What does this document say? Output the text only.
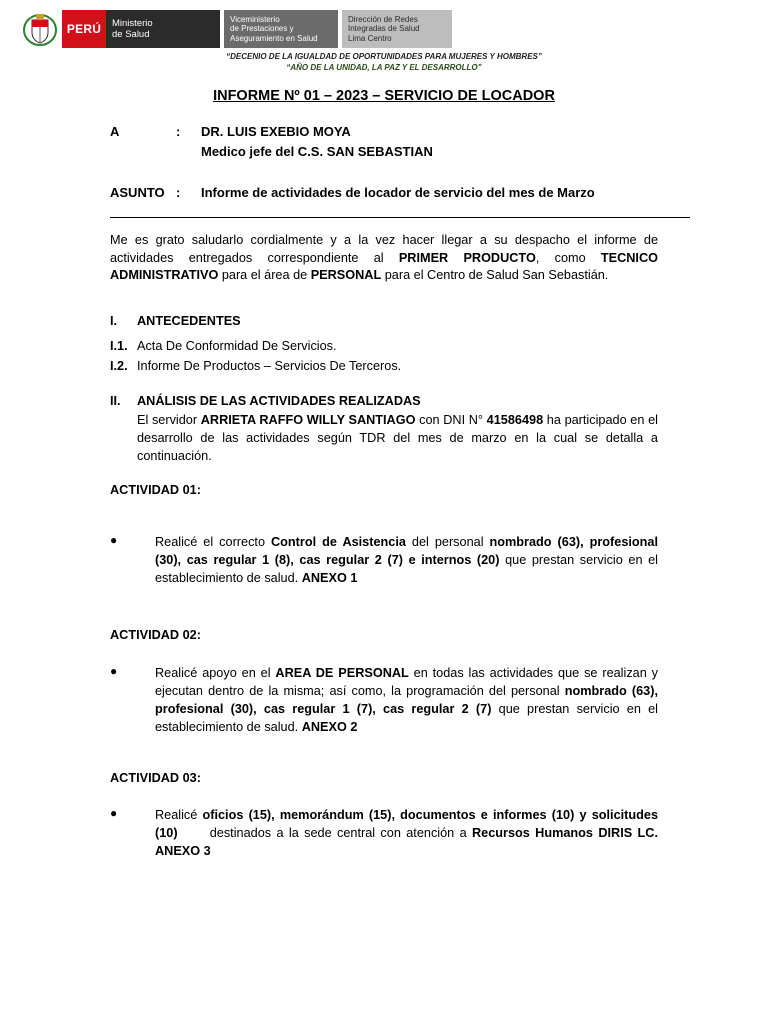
PERÚ Ministerio
de Salud
Viceministerio
de Prestaciones y
Aseguramiento en Salud
Dirección de Redes
Integradas de Salud
Lima Centro
“DECENIO DE LA IGUALDAD DE OPORTUNIDADES PARA MUJERES Y HOMBRES”
“AÑO DE LA UNIDAD, LA PAZ Y EL DESARROLLO”
INFORME Nº 01 – 2023 – SERVICIO DE LOCADOR
A	: DR. LUIS EXEBIO MOYA
Medico jefe del C.S. SAN SEBASTIAN
ASUNTO : Informe de actividades de locador de servicio del mes de Marzo
Me es grato saludarlo cordialmente y a la vez hacer llegar a su despacho el informe de actividades entregados correspondiente al PRIMER PRODUCTO, como TECNICO ADMINISTRATIVO para el área de PERSONAL para el Centro de Salud San Sebastián.
I. ANTECEDENTES
I.1. Acta De Conformidad De Servicios.
I.2. Informe De Productos – Servicios De Terceros.
II. ANÁLISIS DE LAS ACTIVIDADES REALIZADAS
El servidor ARRIETA RAFFO WILLY SANTIAGO con DNI N° 41586498 ha participado en el desarrollo de las actividades según TDR del mes de marzo en la cual se detalla a continuación.
ACTIVIDAD 01:
●	Realicé el correcto Control de Asistencia del personal nombrado (63), profesional (30), cas regular 1 (8), cas regular 2 (7) e internos (20) que prestan servicio en el establecimiento de salud. ANEXO 1
ACTIVIDAD 02:
●	Realicé apoyo en el AREA DE PERSONAL en todas las actividades que se realizan y ejecutan dentro de la misma; así como, la programación del personal nombrado (63), profesional (30), cas regular 1 (7), cas regular 2 (7) que prestan servicio en el establecimiento de salud. ANEXO 2
ACTIVIDAD 03:
●	Realicé oficios (15), memorándum (15), documentos e informes (10) y solicitudes (10)      destinados a la sede central con atención a Recursos Humanos DIRIS LC. ANEXO 3
